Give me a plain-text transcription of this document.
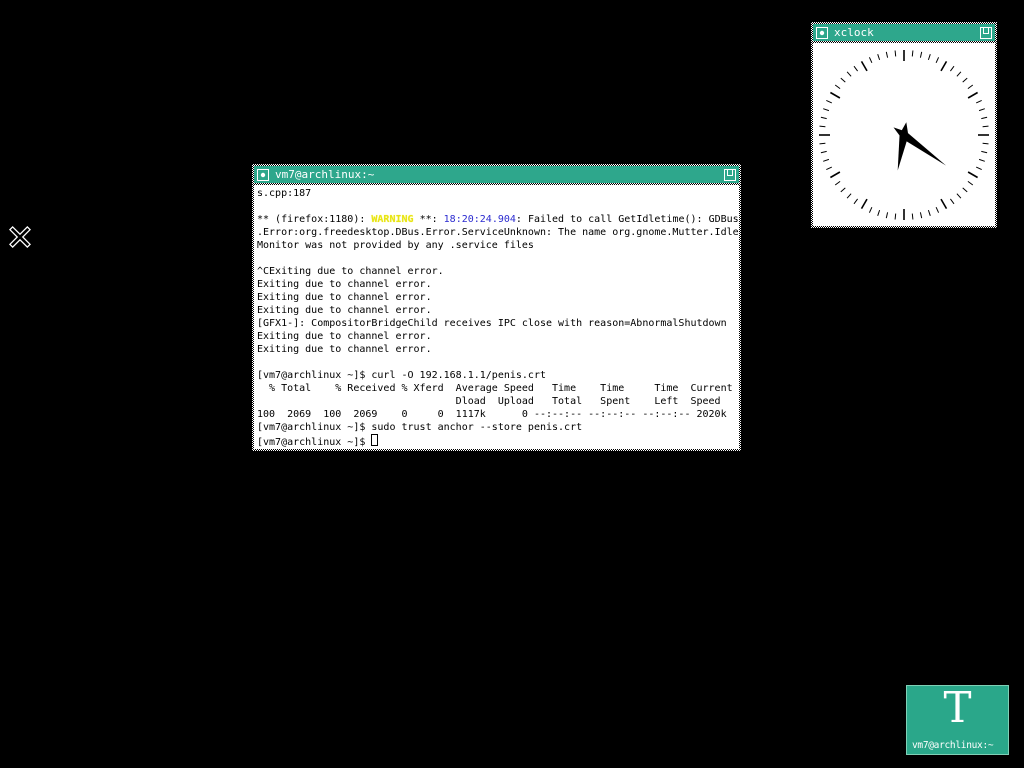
vm7@archlinux:~
s.cpp:187

** (firefox:1180): WARNING **: 18:20:24.904: Failed to call GetIdletime(): GDBus
.Error:org.freedesktop.DBus.Error.ServiceUnknown: The name org.gnome.Mutter.Idle
Monitor was not provided by any .service files

^CExiting due to channel error.
Exiting due to channel error.
Exiting due to channel error.
Exiting due to channel error.
[GFX1-]: CompositorBridgeChild receives IPC close with reason=AbnormalShutdown
Exiting due to channel error.
Exiting due to channel error.

[vm7@archlinux ~]$ curl -O 192.168.1.1/penis.crt
% Total    % Received % Xferd  Average Speed   Time    Time     Time  Current
Dload  Upload   Total   Spent    Left  Speed
100  2069  100  2069    0     0  1117k      0 --:--:-- --:--:-- --:--:-- 2020k
[vm7@archlinux ~]$ sudo trust anchor --store penis.crt
[vm7@archlinux ~]$
xclock
T
vm7@archlinux:~
